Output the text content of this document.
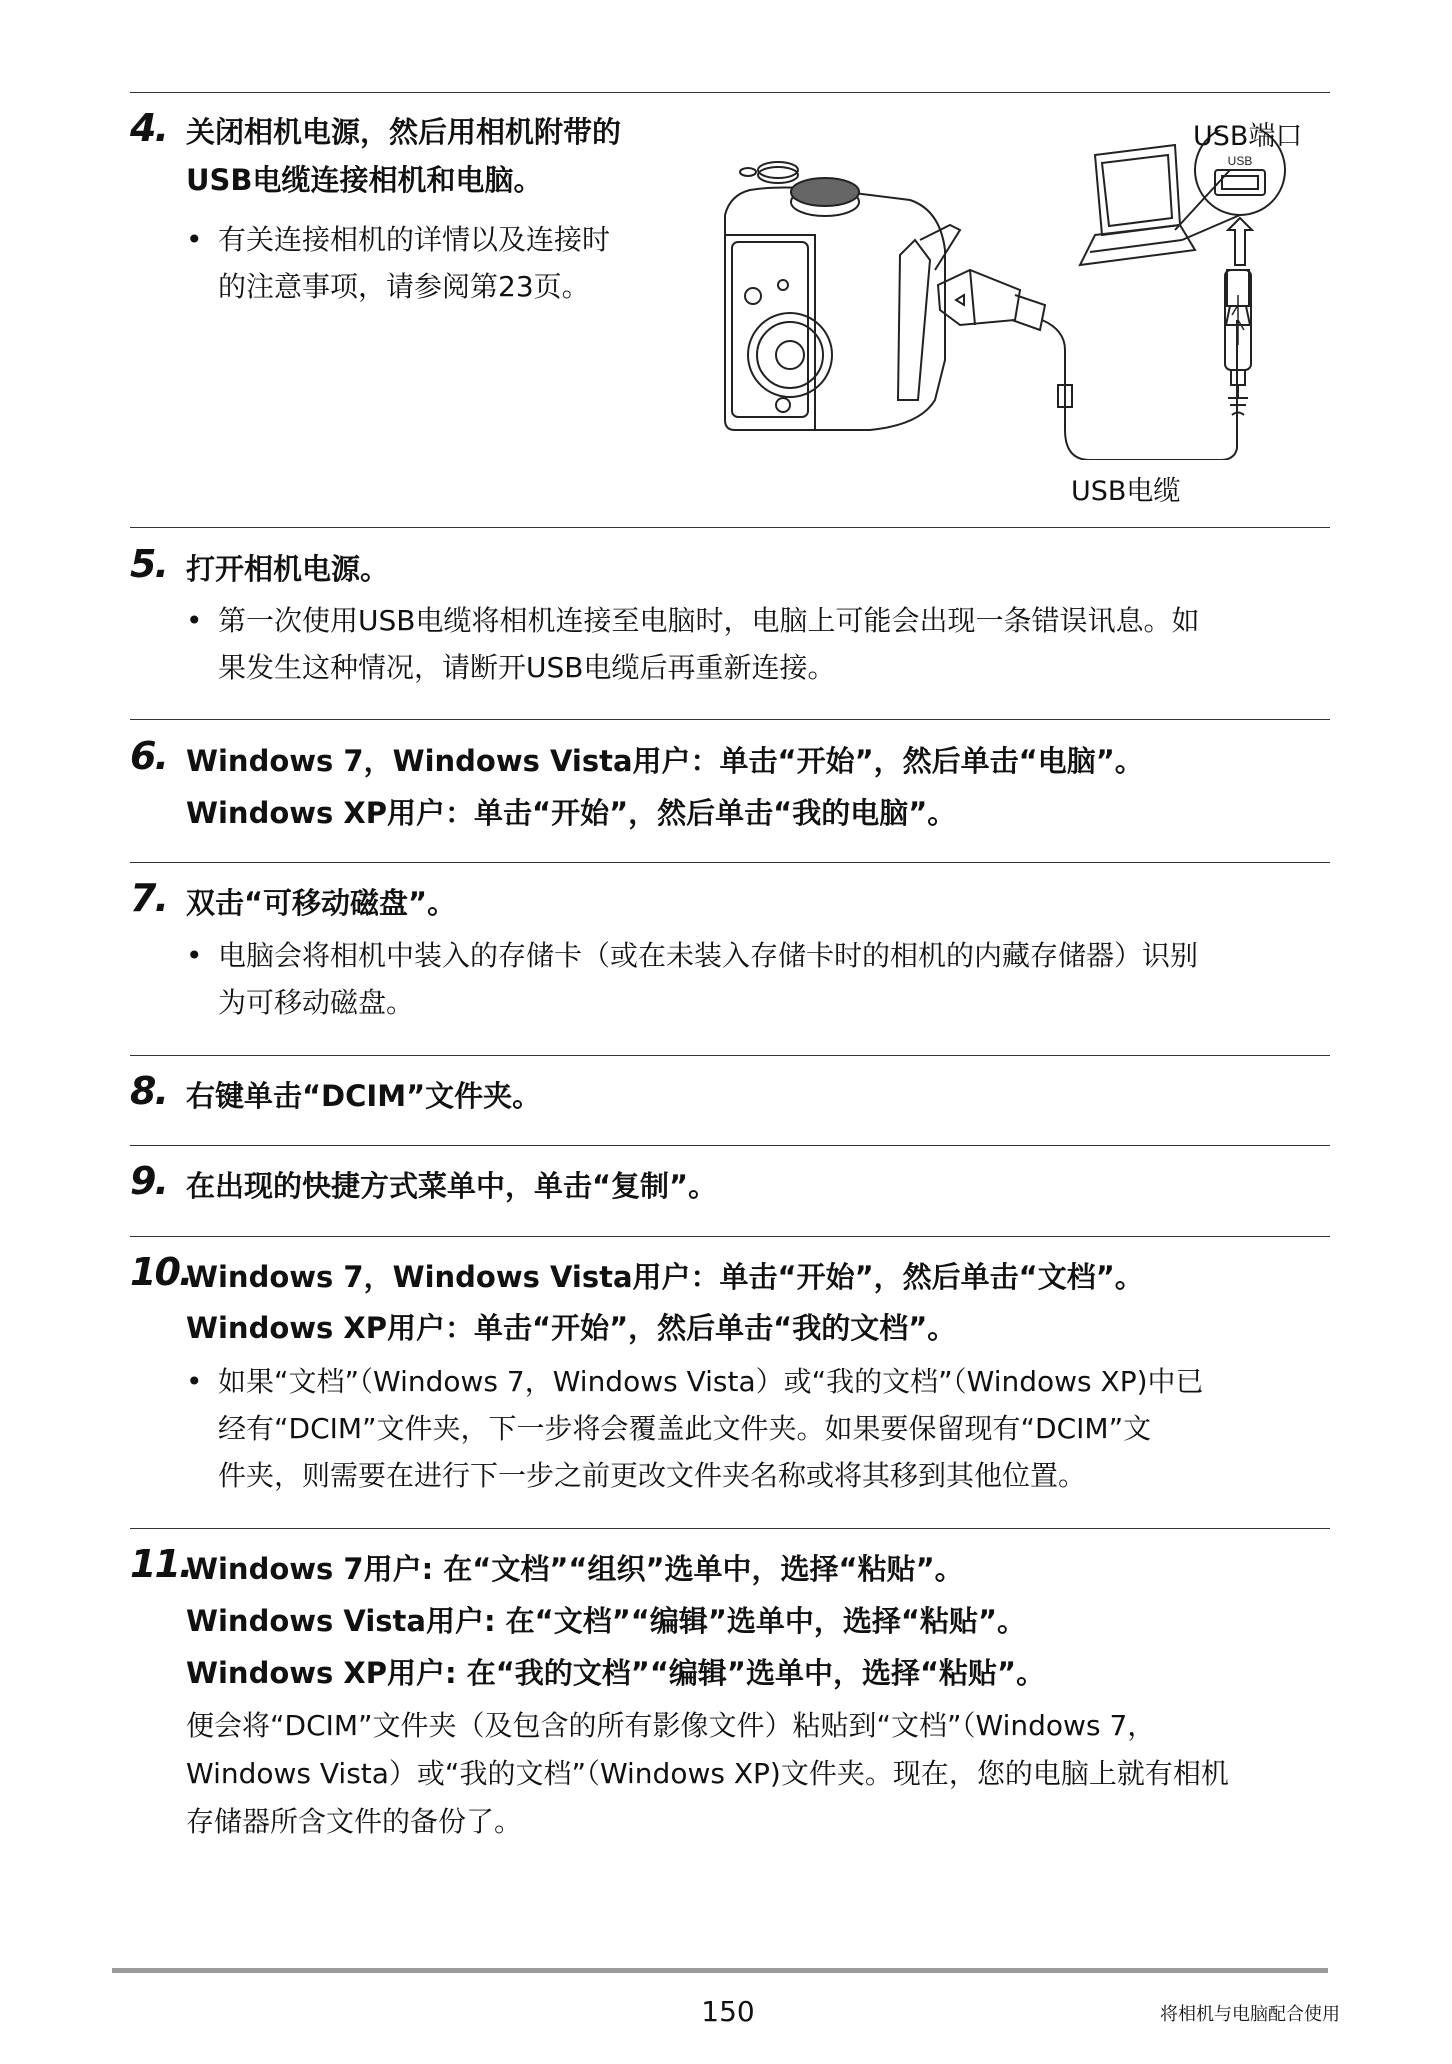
4. 关闭相机电源，然后用相机附带的
USB电缆连接相机和电脑。
• 有关连接相机的详情以及连接时
的注意事项，请参阅第23页。
USB
USB端口
USB电缆
5. 打开相机电源。
• 第一次使用USB电缆将相机连接至电脑时，电脑上可能会出现一条错误讯息。如
果发生这种情况，请断开USB电缆后再重新连接。
6. Windows 7，Windows Vista用户：单击“开始”，然后单击“电脑”。
Windows XP用户：单击“开始”，然后单击“我的电脑”。
7. 双击“可移动磁盘”。
• 电脑会将相机中装入的存储卡（或在未装入存储卡时的相机的内藏存储器）识别
为可移动磁盘。
8. 右键单击“DCIM”文件夹。
9. 在出现的快捷方式菜单中，单击“复制”。
10.
Windows 7，Windows Vista用户：单击“开始”，然后单击“文档”。
Windows XP用户：单击“开始”，然后单击“我的文档”。
• 如果“文档”（Windows 7，Windows Vista）或“我的文档”（Windows XP)中已
经有“DCIM”文件夹，下一步将会覆盖此文件夹。如果要保留现有“DCIM”文
件夹，则需要在进行下一步之前更改文件夹名称或将其移到其他位置。
11.
Windows 7用户: 在“文档”“组织”选单中，选择“粘贴”。
Windows Vista用户: 在“文档”“编辑”选单中，选择“粘贴”。
Windows XP用户: 在“我的文档”“编辑”选单中，选择“粘贴”。
便会将“DCIM”文件夹（及包含的所有影像文件）粘贴到“文档”（Windows 7，
Windows Vista）或“我的文档”（Windows XP)文件夹。现在，您的电脑上就有相机
存储器所含文件的备份了。
150	将相机与电脑配合使用
